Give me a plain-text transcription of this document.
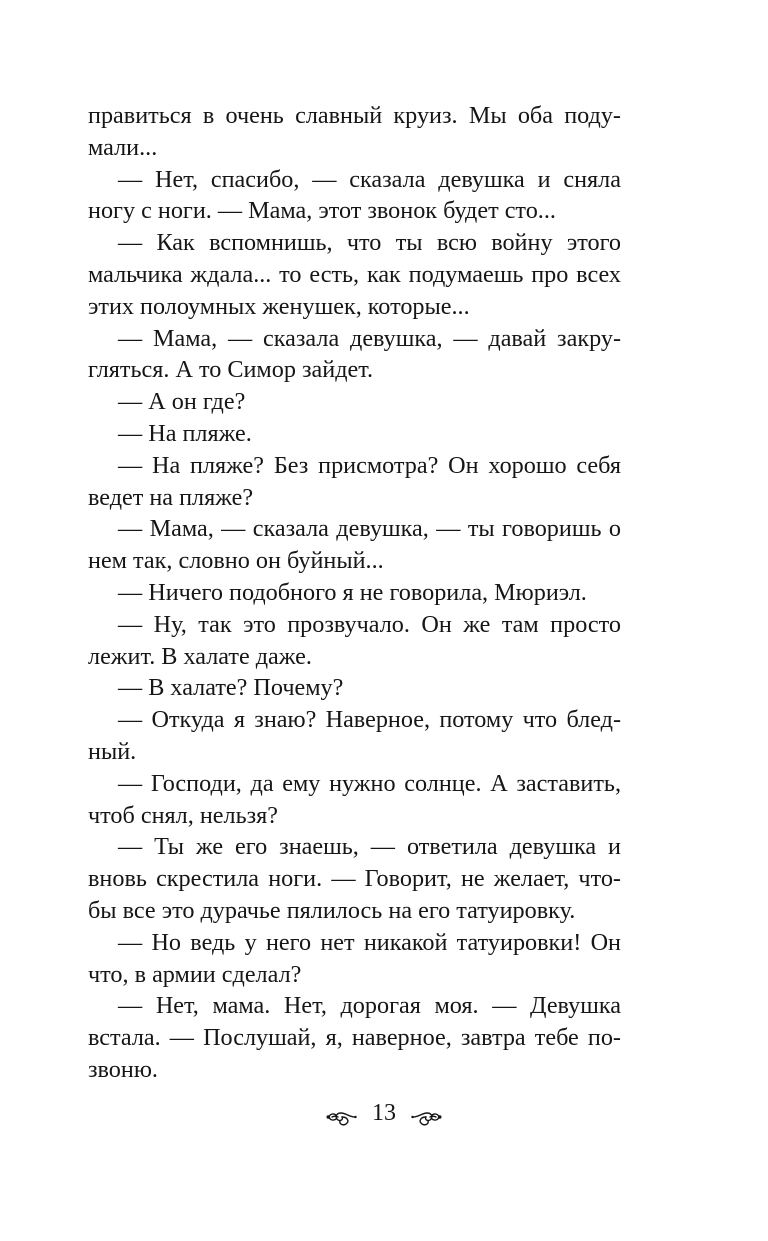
правиться в очень славный круиз. Мы оба поду-
мали...
— Нет, спасибо, — сказала девушка и сняла
ногу с ноги. — Мама, этот звонок будет сто...
— Как вспомнишь, что ты всю войну этого
мальчика ждала... то есть, как подумаешь про всех
этих полоумных женушек, которые...
— Мама, — сказала девушка, — давай закру-
гляться. А то Симор зайдет.
— А он где?
— На пляже.
— На пляже? Без присмотра? Он хорошо себя
ведет на пляже?
— Мама, — сказала девушка, — ты говоришь о
нем так, словно он буйный...
— Ничего подобного я не говорила, Мюриэл.
— Ну, так это прозвучало. Он же там просто
лежит. В халате даже.
— В халате? Почему?
— Откуда я знаю? Наверное, потому что блед-
ный.
— Господи, да ему нужно солнце. А заставить,
чтоб снял, нельзя?
— Ты же его знаешь, — ответила девушка и
вновь скрестила ноги. — Говорит, не желает, что-
бы все это дурачье пялилось на его татуировку.
— Но ведь у него нет никакой татуировки! Он
что, в армии сделал?
— Нет, мама. Нет, дорогая моя. — Девушка
встала. — Послушай, я, наверное, завтра тебе по-
звоню.
13
